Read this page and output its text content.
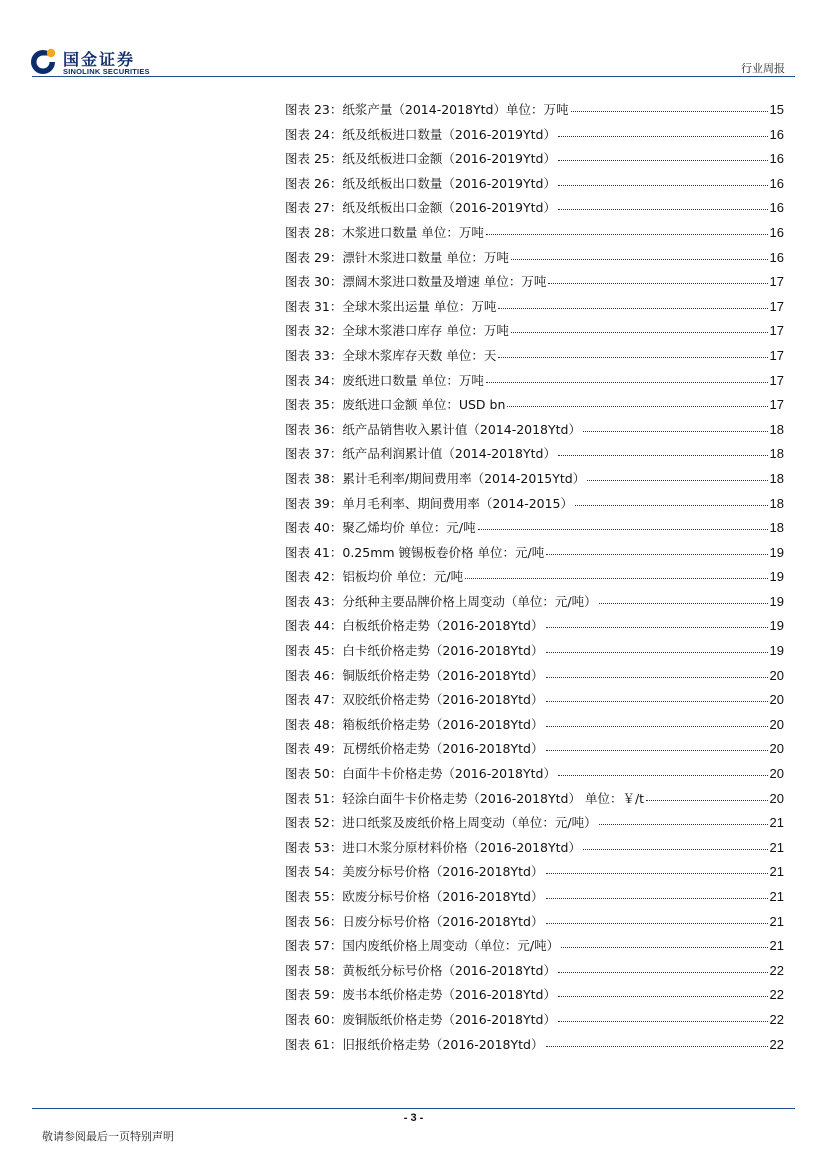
国金证券
SINOLINK SECURITIES	行业周报
图表 23：纸浆产量（2014-2018Ytd）单位：万吨	15
图表 24：纸及纸板进口数量（2016-2019Ytd）	16
图表 25：纸及纸板进口金额（2016-2019Ytd）	16
图表 26：纸及纸板出口数量（2016-2019Ytd）	16
图表 27：纸及纸板出口金额（2016-2019Ytd）	16
图表 28：木浆进口数量 单位：万吨	16
图表 29：漂针木浆进口数量 单位：万吨	16
图表 30：漂阔木浆进口数量及增速 单位：万吨	17
图表 31：全球木浆出运量 单位：万吨	17
图表 32：全球木浆港口库存 单位：万吨	17
图表 33：全球木浆库存天数 单位：天	17
图表 34：废纸进口数量 单位：万吨	17
图表 35：废纸进口金额 单位：USD bn	17
图表 36：纸产品销售收入累计值（2014-2018Ytd）	18
图表 37：纸产品利润累计值（2014-2018Ytd）	18
图表 38：累计毛利率/期间费用率（2014-2015Ytd）	18
图表 39：单月毛利率、期间费用率（2014-2015）	18
图表 40：聚乙烯均价 单位：元/吨	18
图表 41：0.25mm 镀锡板卷价格 单位：元/吨	19
图表 42：铝板均价 单位：元/吨	19
图表 43：分纸种主要品牌价格上周变动（单位：元/吨）	19
图表 44：白板纸价格走势（2016-2018Ytd）	19
图表 45：白卡纸价格走势（2016-2018Ytd）	19
图表 46：铜版纸价格走势（2016-2018Ytd）	20
图表 47：双胶纸价格走势（2016-2018Ytd）	20
图表 48：箱板纸价格走势（2016-2018Ytd）	20
图表 49：瓦楞纸价格走势（2016-2018Ytd）	20
图表 50：白面牛卡价格走势（2016-2018Ytd）	20
图表 51：轻涂白面牛卡价格走势（2016-2018Ytd） 单位：￥/t	20
图表 52：进口纸浆及废纸价格上周变动（单位：元/吨）	21
图表 53：进口木浆分原材料价格（2016-2018Ytd）	21
图表 54：美废分标号价格（2016-2018Ytd）	21
图表 55：欧废分标号价格（2016-2018Ytd）	21
图表 56：日废分标号价格（2016-2018Ytd）	21
图表 57：国内废纸价格上周变动（单位：元/吨）	21
图表 58：黄板纸分标号价格（2016-2018Ytd）	22
图表 59：废书本纸价格走势（2016-2018Ytd）	22
图表 60：废铜版纸价格走势（2016-2018Ytd）	22
图表 61：旧报纸价格走势（2016-2018Ytd）	22
- 3 -
敬请参阅最后一页特别声明
